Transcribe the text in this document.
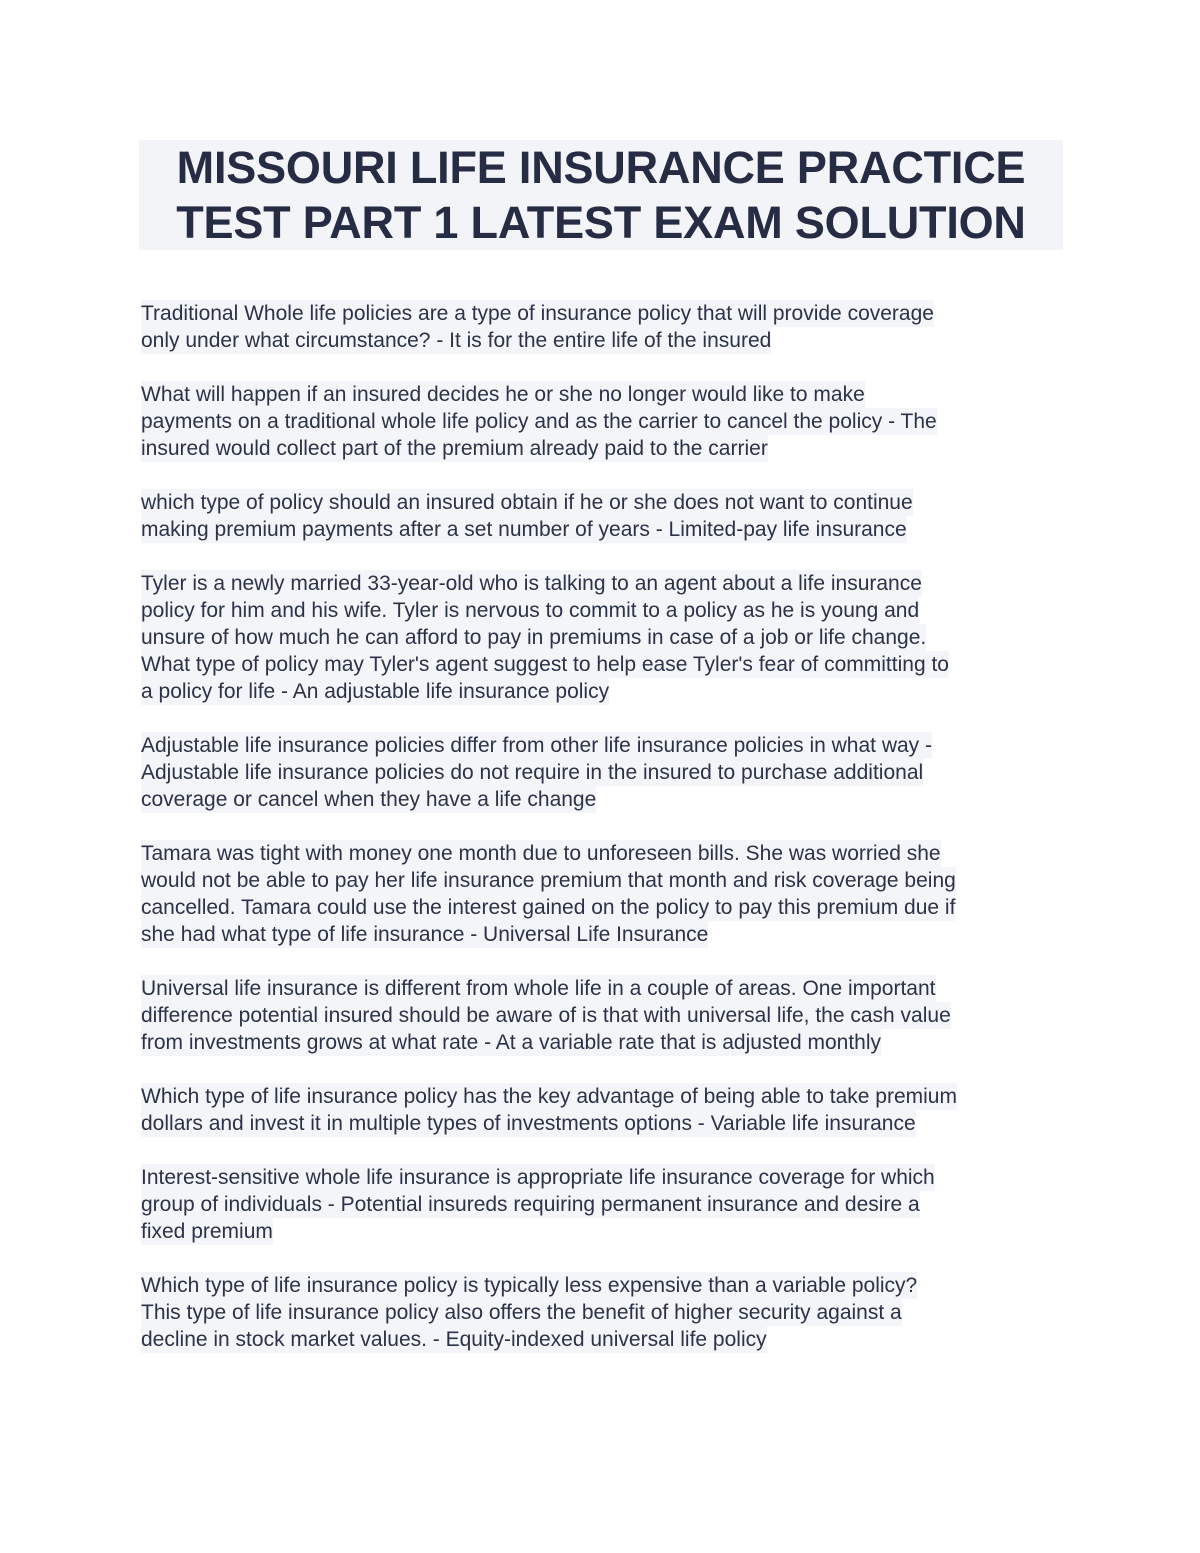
MISSOURI LIFE INSURANCE PRACTICE
TEST PART 1 LATEST EXAM SOLUTION
Traditional Whole life policies are a type of insurance policy that will provide coverage
only under what circumstance? - It is for the entire life of the insured
What will happen if an insured decides he or she no longer would like to make
payments on a traditional whole life policy and as the carrier to cancel the policy - The
insured would collect part of the premium already paid to the carrier
which type of policy should an insured obtain if he or she does not want to continue
making premium payments after a set number of years - Limited-pay life insurance
Tyler is a newly married 33-year-old who is talking to an agent about a life insurance
policy for him and his wife. Tyler is nervous to commit to a policy as he is young and
unsure of how much he can afford to pay in premiums in case of a job or life change.
What type of policy may Tyler's agent suggest to help ease Tyler's fear of committing to
a policy for life - An adjustable life insurance policy
Adjustable life insurance policies differ from other life insurance policies in what way -
Adjustable life insurance policies do not require in the insured to purchase additional
coverage or cancel when they have a life change
Tamara was tight with money one month due to unforeseen bills. She was worried she
would not be able to pay her life insurance premium that month and risk coverage being
cancelled. Tamara could use the interest gained on the policy to pay this premium due if
she had what type of life insurance - Universal Life Insurance
Universal life insurance is different from whole life in a couple of areas. One important
difference potential insured should be aware of is that with universal life, the cash value
from investments grows at what rate - At a variable rate that is adjusted monthly
Which type of life insurance policy has the key advantage of being able to take premium
dollars and invest it in multiple types of investments options - Variable life insurance
Interest-sensitive whole life insurance is appropriate life insurance coverage for which
group of individuals - Potential insureds requiring permanent insurance and desire a
fixed premium
Which type of life insurance policy is typically less expensive than a variable policy?
This type of life insurance policy also offers the benefit of higher security against a
decline in stock market values. - Equity-indexed universal life policy
